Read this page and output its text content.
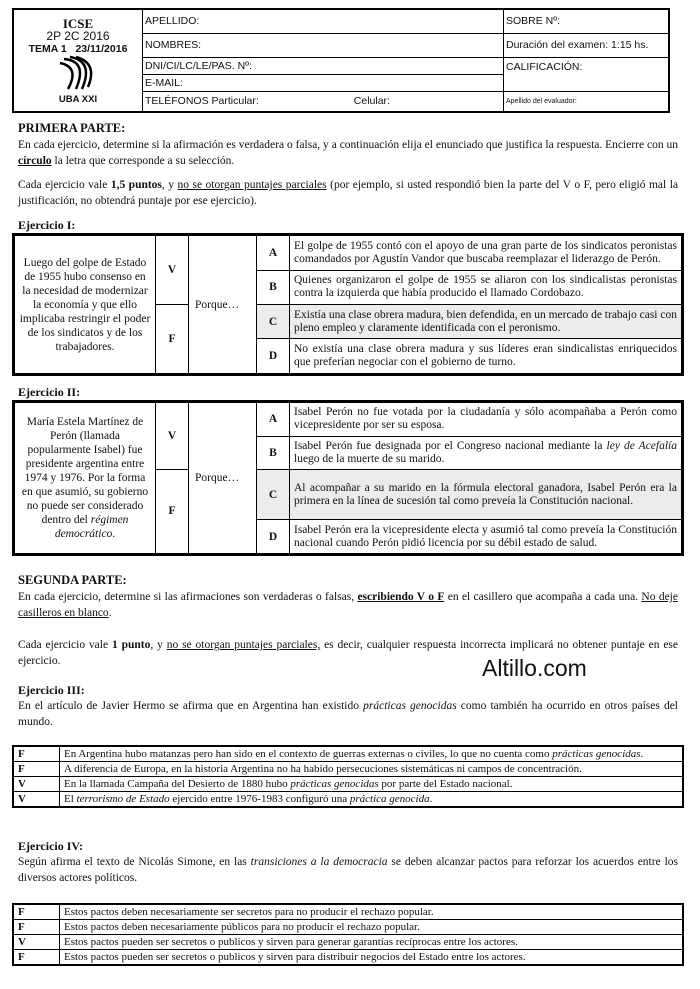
ICSE
2P 2C 2016
TEMA 1   23/11/2016
UBA XXI	APELLIDO:	SOBRE Nº:
	NOMBRES:	Duración del examen: 1:15 hs.
	DNI/CI/LC/LE/PAS. Nº:	CALIFICACIÓN:
	E-MAIL:	
	TELÉFONOS Particular: Celular:	Apellido del evaluador:
PRIMERA PARTE:
En cada ejercicio, determine si la afirmación es verdadera o falsa, y a continuación elija el enunciado que justifica la respuesta. Encierre con un círculo la letra que corresponde a su selección.
Cada ejercicio vale 1,5 puntos, y no se otorgan puntajes parciales (por ejemplo, si usted respondió bien la parte del V o F, pero eligió mal la justificación, no obtendrá puntaje por ese ejercicio).
Ejercicio I:
Luego del golpe de Estado de 1955 hubo consenso en la necesidad de modernizar la economía y que ello implicaba restringir el poder de los sindicatos y de los trabajadores.	V	Porque…	A	El golpe de 1955 contó con el apoyo de una gran parte de los sindicatos peronistas comandados por Agustín Vandor que buscaba reemplazar el liderazgo de Perón.
			B	Quienes organizaron el golpe de 1955 se aliaron con los sindicalistas peronistas contra la izquierda que había producido el llamado Cordobazo.
	F		C	Existía una clase obrera madura, bien defendida, en un mercado de trabajo casi con pleno empleo y claramente identificada con el peronismo.
			D	No existía una clase obrera madura y sus líderes eran sindicalistas enriquecidos que preferían negociar con el gobierno de turno.
Ejercicio II:
María Estela Martínez de Perón (llamada popularmente Isabel) fue presidente argentina entre 1974 y 1976. Por la forma en que asumió, su gobierno no puede ser considerado dentro del régimen democrático.	V	Porque…	A	Isabel Perón no fue votada por la ciudadanía y sólo acompañaba a Perón como vicepresidente por ser su esposa.
			B	Isabel Perón fue designada por el Congreso nacional mediante la ley de Acefalía luego de la muerte de su marido.
	F		C	Al acompañar a su marido en la fórmula electoral ganadora, Isabel Perón era la primera en la línea de sucesión tal como preveía la Constitución nacional.
			D	Isabel Perón era la vicepresidente electa y asumió tal como preveía la Constitución nacional cuando Perón pidió licencia por su débil estado de salud.
SEGUNDA PARTE:
En cada ejercicio, determine si las afirmaciones son verdaderas o falsas, escribiendo V o F en el casillero que acompaña a cada una. No deje casilleros en blanco.
Cada ejercicio vale 1 punto, y no se otorgan puntajes parciales, es decir, cualquier respuesta incorrecta implicará no obtener puntaje en ese ejercicio.	Altillo.com
Ejercicio III:
En el artículo de Javier Hermo se afirma que en Argentina han existido prácticas genocidas como también ha ocurrido en otros países del mundo.
F	En Argentina hubo matanzas pero han sido en el contexto de guerras externas o civiles, lo que no cuenta como prácticas genocidas.
F	A diferencia de Europa, en la historia Argentina no ha habido persecuciones sistemáticas ni campos de concentración.
V	En la llamada Campaña del Desierto de 1880 hubo prácticas genocidas por parte del Estado nacional.
V	El terrorismo de Estado ejercido entre 1976-1983 configuró una práctica genocida.
Ejercicio IV:
Según afirma el texto de Nicolás Simone, en las transiciones a la democracia se deben alcanzar pactos para reforzar los acuerdos entre los diversos actores políticos.
F	Estos pactos deben necesariamente ser secretos para no producir el rechazo popular.
F	Estos pactos deben necesariamente públicos para no producir el rechazo popular.
V	Estos pactos pueden ser secretos o publicos y sirven para generar garantías recíprocas entre los actores.
F	Estos pactos pueden ser secretos o publicos y sirven para distribuir negocios del Estado entre los actores.
